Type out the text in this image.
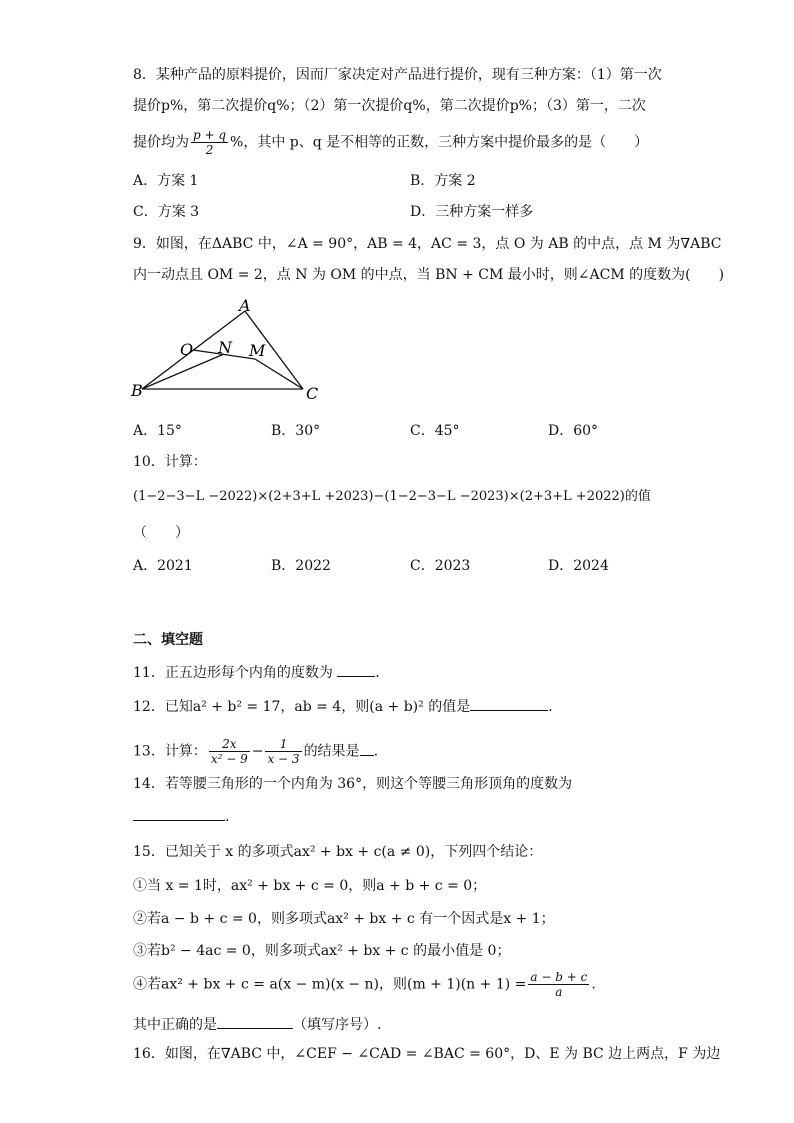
8．某种产品的原料提价，因而厂家决定对产品进行提价，现有三种方案：（1）第一次
提价p%，第二次提价q%；（2）第一次提价q%，第二次提价p%；（3）第一，二次
提价均为 $\frac{p + q}{2}$ %，其中 p、q 是不相等的正数，三种方案中提价最多的是（　　）
A．方案 1	B．方案 2
C．方案 3	D．三种方案一样多
9．如图，在ΔABC 中，∠A = 90°，AB = 4，AC = 3，点 O 为 AB 的中点，点 M 为∇ABC
内一动点且 OM = 2，点 N 为 OM 的中点，当 BN + CM 最小时，则∠ACM 的度数为(　　)
A
O N M
B	C
A．15°	B．30°	C．45°	D．60°
10．计算：
(1−2−3−L −2022)×(2+3+L +2023)−(1−2−3−L −2023)×(2+3+L +2022)的值
（　　）
A．2021	B．2022	C．2023	D．2024
二、填空题
11．正五边形每个内角的度数为	.
12．已知a² + b² = 17，ab = 4，则(a + b)² 的值是	.
13．计算： $\frac{2x}{\text{x² − 9}} - \frac{1}{x - 3}$ 的结果是 .
14．若等腰三角形的一个内角为 36°，则这个等腰三角形顶角的度数为
.
15．已知关于 x 的多项式ax² + bx + c(a ≠ 0)，下列四个结论：
①当 x = 1时，ax² + bx + c = 0，则a + b + c = 0；
②若a − b + c = 0，则多项式ax² + bx + c 有一个因式是x + 1；
③若b² − 4ac = 0，则多项式ax² + bx + c 的最小值是 0；
④若ax² + bx + c = a(x − m)(x − n)，则$(m + 1)(n + 1) = \frac{a - b + c}{a}$ .
其中正确的是	（填写序号）.
16．如图，在∇ABC 中，∠CEF − ∠CAD = ∠BAC = 60°，D、E 为 BC 边上两点，F 为边
